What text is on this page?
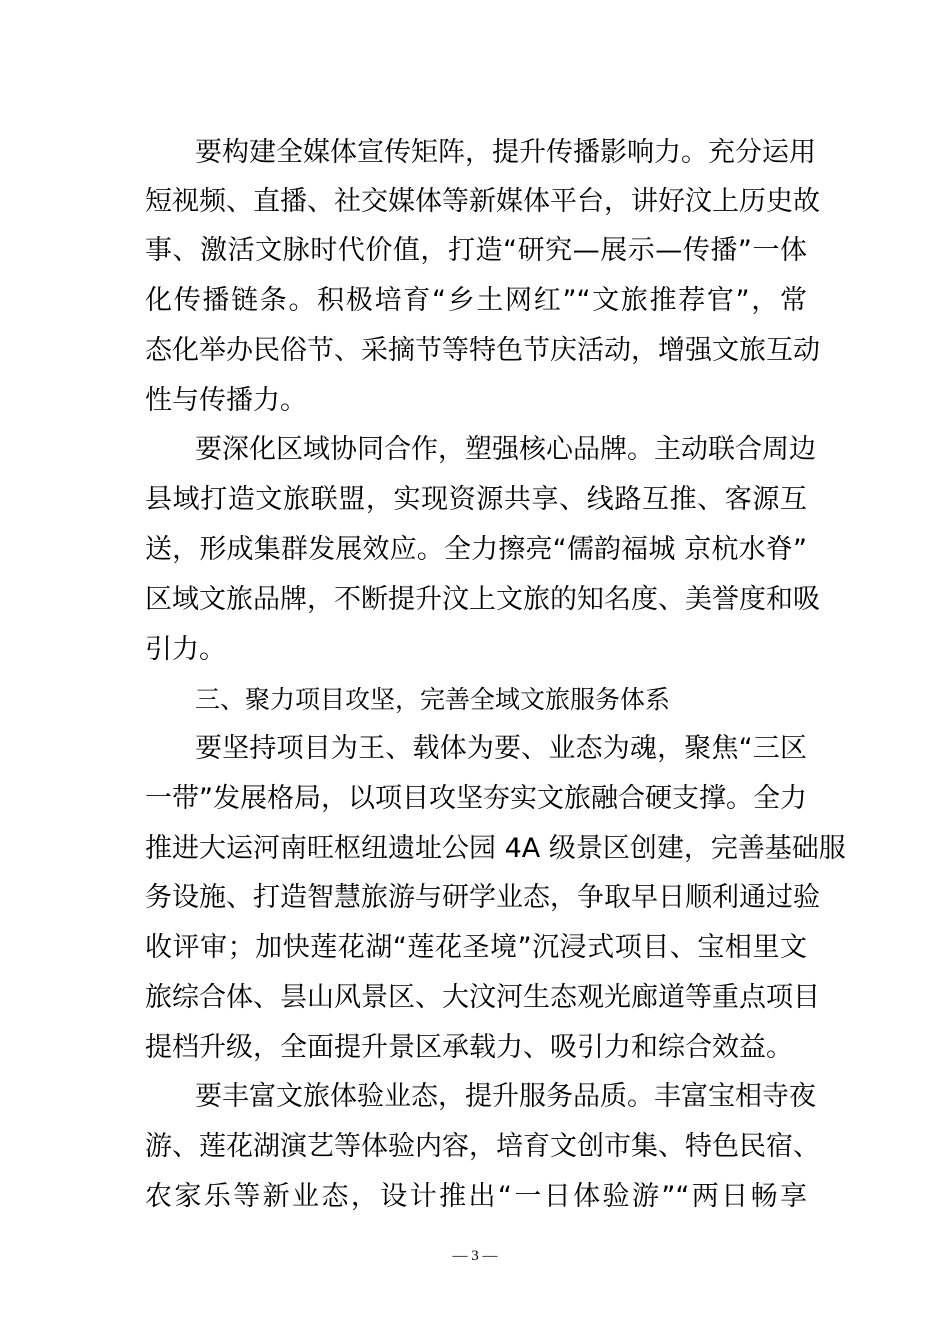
要构建全媒体宣传矩阵，提升传播影响力。充分运用
短视频、直播、社交媒体等新媒体平台，讲好汶上历史故
事、激活文脉时代价值，打造“研究—展示—传播”一体
化传播链条。积极培育“乡土网红”“文旅推荐官”，常
态化举办民俗节、采摘节等特色节庆活动，增强文旅互动
性与传播力。
要深化区域协同合作，塑强核心品牌。主动联合周边
县域打造文旅联盟，实现资源共享、线路互推、客源互
送，形成集群发展效应。全力擦亮“儒韵福城 京杭水脊”
区域文旅品牌，不断提升汶上文旅的知名度、美誉度和吸
引力。
三、聚力项目攻坚，完善全域文旅服务体系
要坚持项目为王、载体为要、业态为魂，聚焦“三区
一带”发展格局，以项目攻坚夯实文旅融合硬支撑。全力
推进大运河南旺枢纽遗址公园 4A 级景区创建，完善基础服
务设施、打造智慧旅游与研学业态，争取早日顺利通过验
收评审；加快莲花湖“莲花圣境”沉浸式项目、宝相里文
旅综合体、昙山风景区、大汶河生态观光廊道等重点项目
提档升级，全面提升景区承载力、吸引力和综合效益。
要丰富文旅体验业态，提升服务品质。丰富宝相寺夜
游、莲花湖演艺等体验内容，培育文创市集、特色民宿、
农家乐等新业态，设计推出“一日体验游”“两日畅享
— 3 —
